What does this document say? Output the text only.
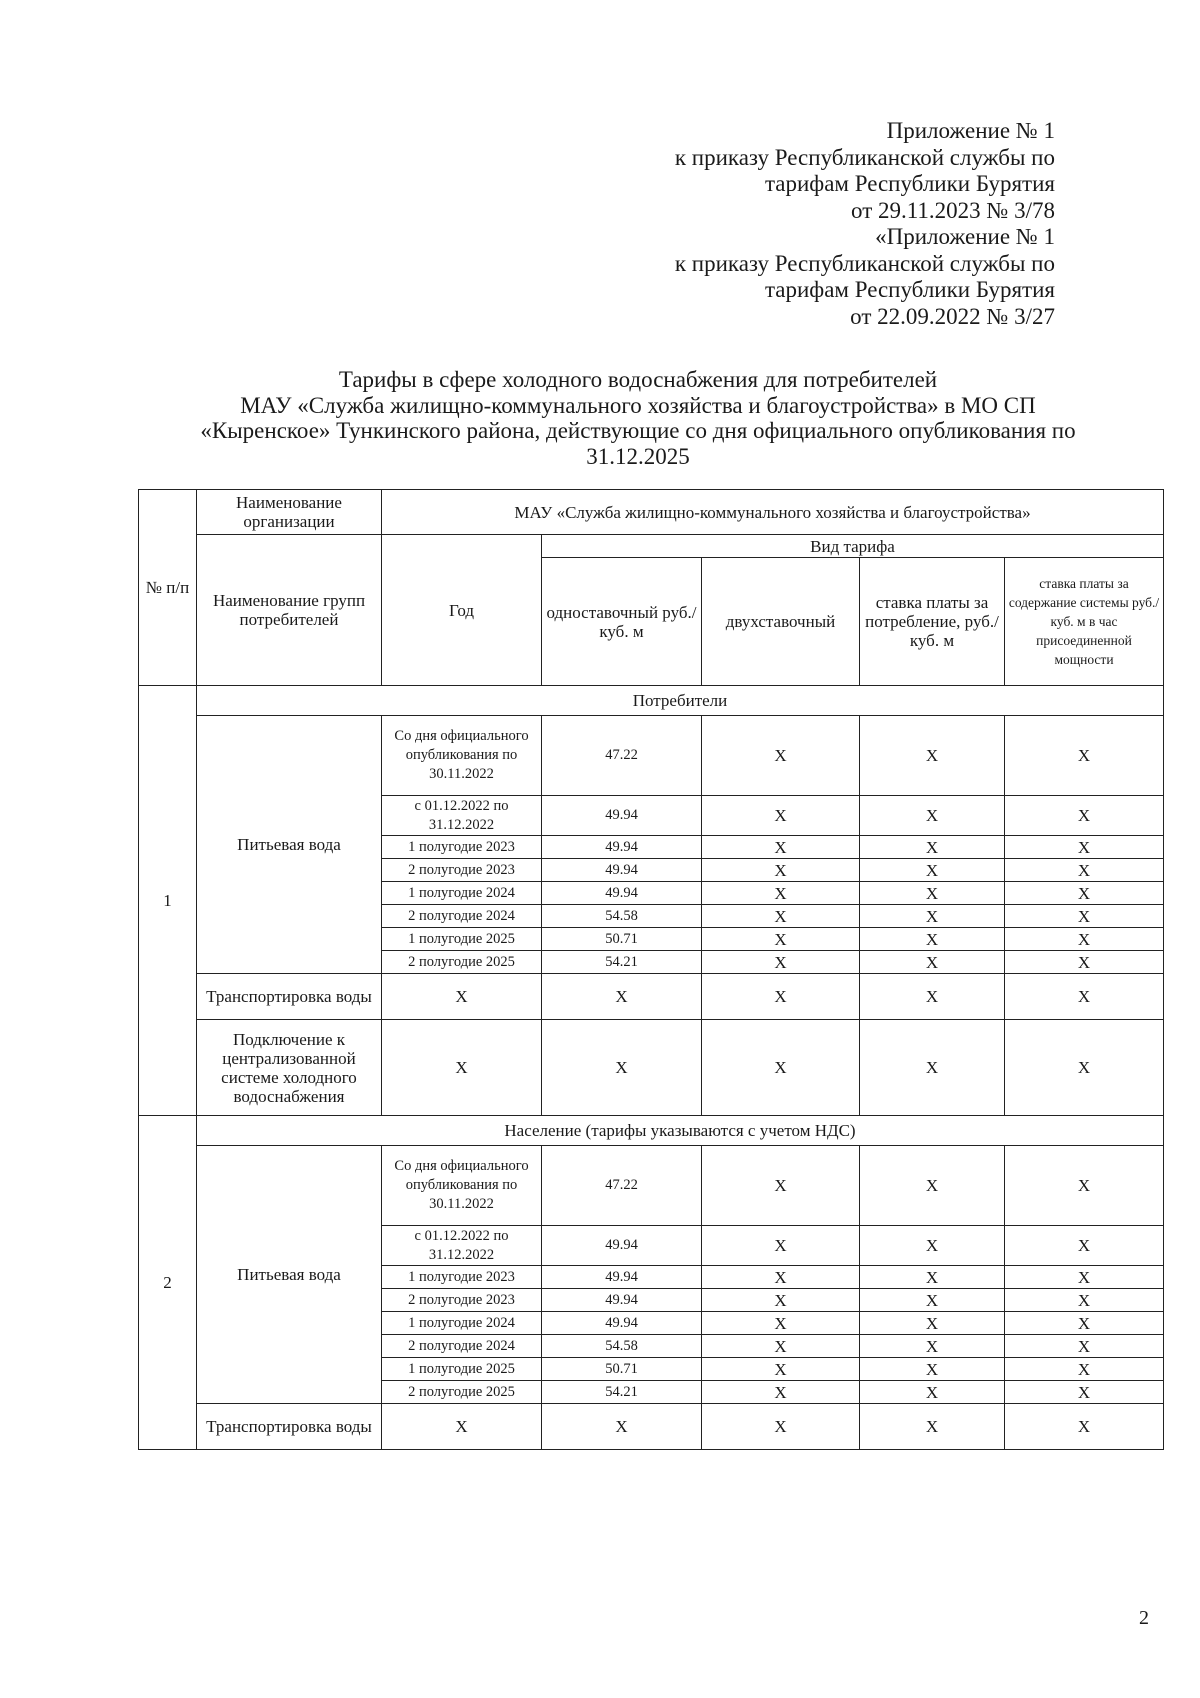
Приложение № 1
к приказу Республиканской службы по
тарифам Республики Бурятия
от 29.11.2023 № 3/78
«Приложение № 1
к приказу Республиканской службы по
тарифам Республики Бурятия
от 22.09.2022 № 3/27
Тарифы в сфере холодного водоснабжения для потребителей
МАУ «Служба жилищно-коммунального хозяйства и благоустройства» в МО СП
«Кыренское» Тункинского района, действующие со дня официального опубликования по
31.12.2025
№ п/п	Наименование организации	МАУ «Служба жилищно-коммунального хозяйства и благоустройства»				
	Наименование групп потребителей	Год	Вид тарифа			
			одноставочный руб./ куб. м	двухставочный	ставка платы за потребление, руб./ куб. м	ставка платы за содержание системы руб./куб. м в час присоединенной мощности
1	Потребители					
	Питьевая вода	Со дня официального опубликования по 30.11.2022	47.22	X	X	X
		с 01.12.2022 по 31.12.2022	49.94	X	X	X
		1 полугодие 2023	49.94	X	X	X
		2 полугодие 2023	49.94	X	X	X
		1 полугодие 2024	49.94	X	X	X
		2 полугодие 2024	54.58	X	X	X
		1 полугодие 2025	50.71	X	X	X
		2 полугодие 2025	54.21	X	X	X
	Транспортировка воды	X	X	X	X	X
	Подключение к централизованной системе холодного водоснабжения	X	X	X	X	X
2	Население (тарифы указываются с учетом НДС)					
	Питьевая вода	Со дня официального опубликования по 30.11.2022	47.22	X	X	X
		с 01.12.2022 по 31.12.2022	49.94	X	X	X
		1 полугодие 2023	49.94	X	X	X
		2 полугодие 2023	49.94	X	X	X
		1 полугодие 2024	49.94	X	X	X
		2 полугодие 2024	54.58	X	X	X
		1 полугодие 2025	50.71	X	X	X
		2 полугодие 2025	54.21	X	X	X
	Транспортировка воды	X	X	X	X	X
2
